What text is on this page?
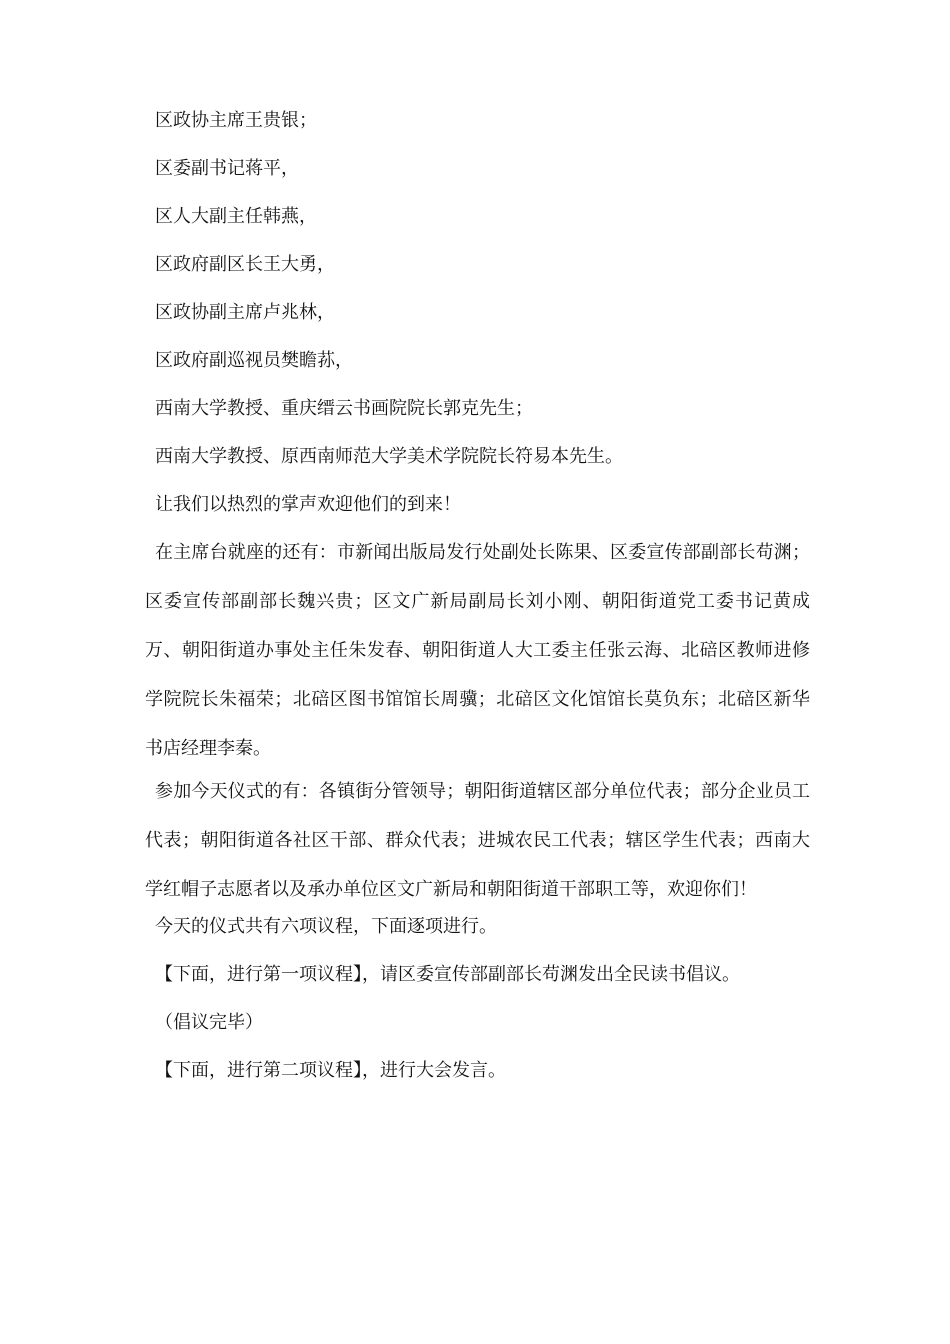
区政协主席王贵银；

区委副书记蒋平，

区人大副主任韩燕，

区政府副区长王大勇，

区政协副主席卢兆林，

区政府副巡视员樊瞻荪，

西南大学教授、重庆缙云书画院院长郭克先生；

西南大学教授、原西南师范大学美术学院院长符易本先生。

让我们以热烈的掌声欢迎他们的到来！

在主席台就座的还有：市新闻出版局发行处副处长陈果、区委宣传部副部长苟渊；区委宣传部副部长魏兴贵；区文广新局副局长刘小刚、朝阳街道党工委书记黄成万、朝阳街道办事处主任朱发春、朝阳街道人大工委主任张云海、北碚区教师进修学院院长朱福荣；北碚区图书馆馆长周骥；北碚区文化馆馆长莫负东；北碚区新华书店经理李秦。

参加今天仪式的有：各镇街分管领导；朝阳街道辖区部分单位代表；部分企业员工代表；朝阳街道各社区干部、群众代表；进城农民工代表；辖区学生代表；西南大学红帽子志愿者以及承办单位区文广新局和朝阳街道干部职工等，欢迎你们！

今天的仪式共有六项议程，下面逐项进行。

【下面，进行第一项议程】，请区委宣传部副部长苟渊发出全民读书倡议。

（倡议完毕）

【下面，进行第二项议程】，进行大会发言。
